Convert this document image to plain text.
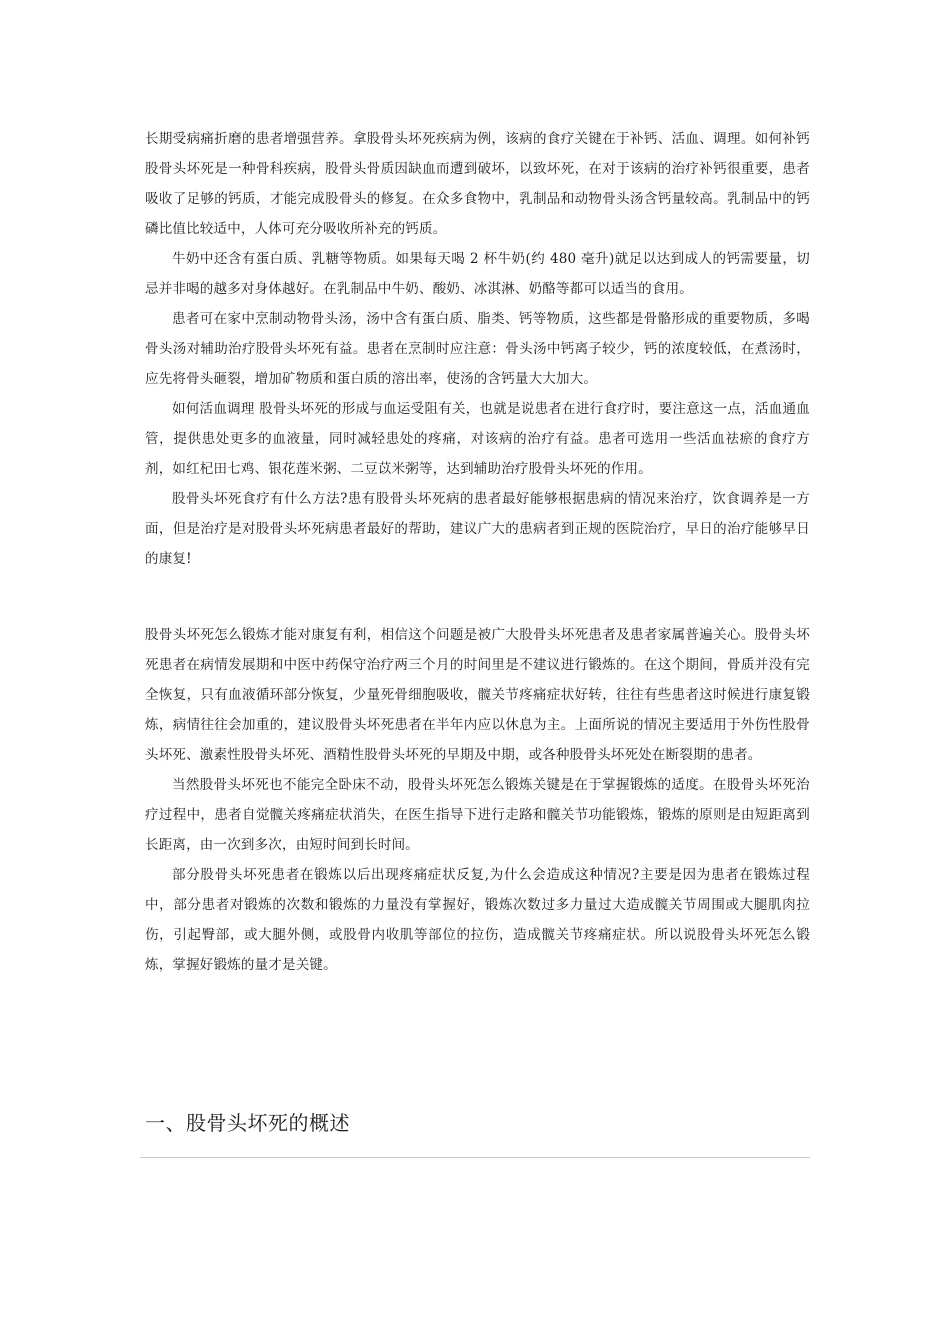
长期受病痛折磨的患者增强营养。拿股骨头坏死疾病为例，该病的食疗关键在于补钙、活血、调理。如何补钙股骨头坏死是一种骨科疾病，股骨头骨质因缺血而遭到破坏，以致坏死，在对于该病的治疗补钙很重要，患者吸收了足够的钙质，才能完成股骨头的修复。在众多食物中，乳制品和动物骨头汤含钙量较高。乳制品中的钙磷比值比较适中，人体可充分吸收所补充的钙质。

牛奶中还含有蛋白质、乳糖等物质。如果每天喝 2 杯牛奶(约 480 毫升)就足以达到成人的钙需要量，切忌并非喝的越多对身体越好。在乳制品中牛奶、酸奶、冰淇淋、奶酪等都可以适当的食用。

患者可在家中烹制动物骨头汤，汤中含有蛋白质、脂类、钙等物质，这些都是骨骼形成的重要物质，多喝骨头汤对辅助治疗股骨头坏死有益。患者在烹制时应注意：骨头汤中钙离子较少，钙的浓度较低，在煮汤时，应先将骨头砸裂，增加矿物质和蛋白质的溶出率，使汤的含钙量大大加大。

如何活血调理 股骨头坏死的形成与血运受阻有关，也就是说患者在进行食疗时，要注意这一点，活血通血管，提供患处更多的血液量，同时减轻患处的疼痛，对该病的治疗有益。患者可选用一些活血祛瘀的食疗方剂，如红杞田七鸡、银花莲米粥、二豆苡米粥等，达到辅助治疗股骨头坏死的作用。

股骨头坏死食疗有什么方法?患有股骨头坏死病的患者最好能够根据患病的情况来治疗，饮食调养是一方面，但是治疗是对股骨头坏死病患者最好的帮助，建议广大的患病者到正规的医院治疗，早日的治疗能够早日的康复!

股骨头坏死怎么锻炼才能对康复有利，相信这个问题是被广大股骨头坏死患者及患者家属普遍关心。股骨头坏死患者在病情发展期和中医中药保守治疗两三个月的时间里是不建议进行锻炼的。在这个期间，骨质并没有完全恢复，只有血液循环部分恢复，少量死骨细胞吸收，髋关节疼痛症状好转，往往有些患者这时候进行康复锻炼，病情往往会加重的，建议股骨头坏死患者在半年内应以休息为主。上面所说的情况主要适用于外伤性股骨头坏死、激素性股骨头坏死、酒精性股骨头坏死的早期及中期，或各种股骨头坏死处在断裂期的患者。

当然股骨头坏死也不能完全卧床不动，股骨头坏死怎么锻炼关键是在于掌握锻炼的适度。在股骨头坏死治疗过程中，患者自觉髋关疼痛症状消失，在医生指导下进行走路和髋关节功能锻炼，锻炼的原则是由短距离到长距离，由一次到多次，由短时间到长时间。

部分股骨头坏死患者在锻炼以后出现疼痛症状反复,为什么会造成这种情况?主要是因为患者在锻炼过程中，部分患者对锻炼的次数和锻炼的力量没有掌握好，锻炼次数过多力量过大造成髋关节周围或大腿肌肉拉伤，引起臀部，或大腿外侧，或股骨内收肌等部位的拉伤，造成髋关节疼痛症状。所以说股骨头坏死怎么锻炼，掌握好锻炼的量才是关键。

一、股骨头坏死的概述
